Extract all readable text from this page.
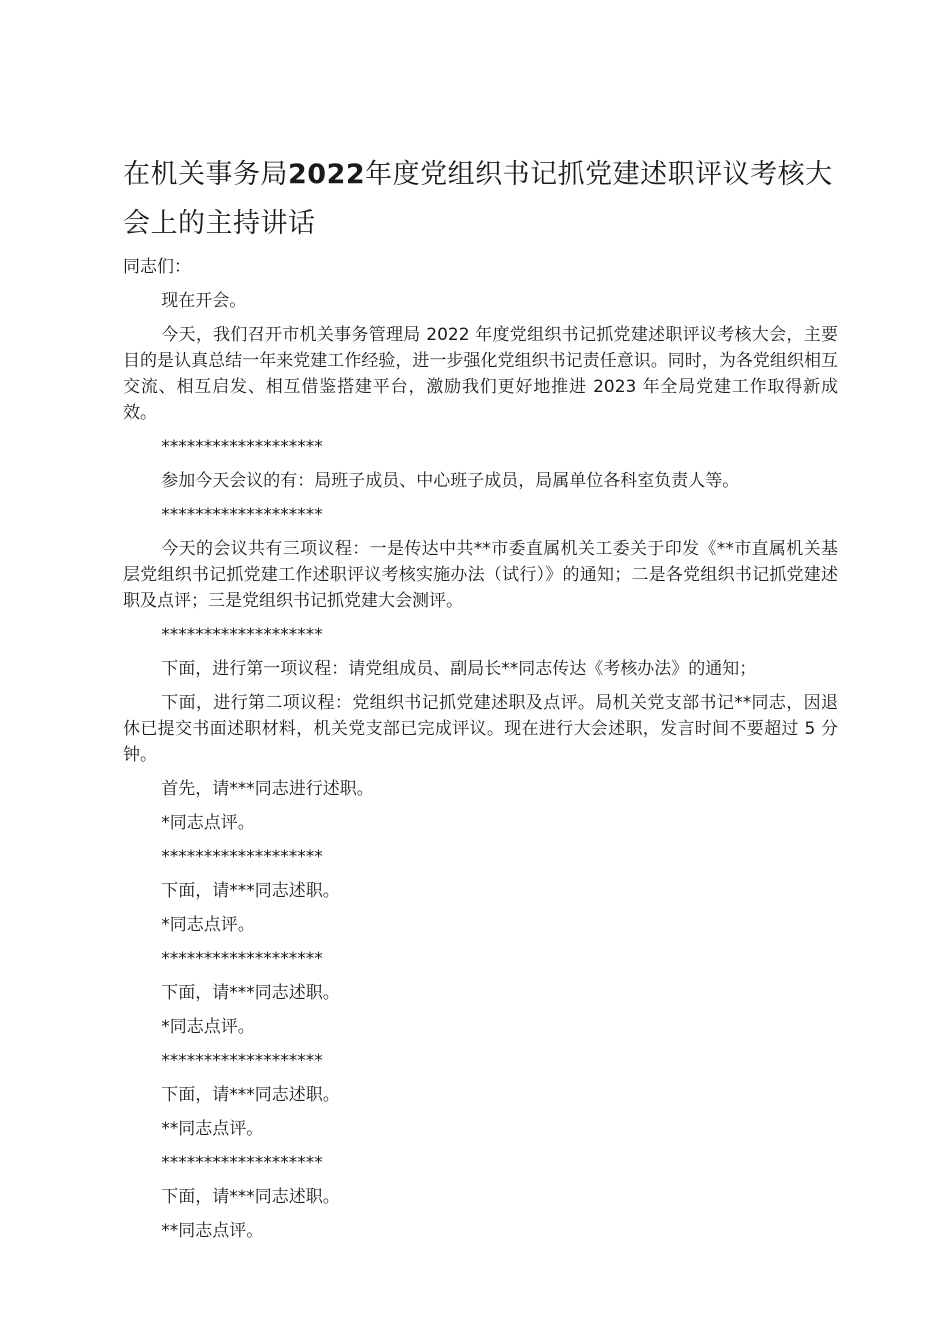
在机关事务局2022年度党组织书记抓党建述职评议考核大会上的主持讲话

同志们：

现在开会。

今天，我们召开市机关事务管理局 2022 年度党组织书记抓党建述职评议考核大会，主要目的是认真总结一年来党建工作经验，进一步强化党组织书记责任意识。同时，为各党组织相互交流、相互启发、相互借鉴搭建平台，激励我们更好地推进 2023 年全局党建工作取得新成效。

*******************

参加今天会议的有：局班子成员、中心班子成员，局属单位各科室负责人等。

*******************

今天的会议共有三项议程：一是传达中共**市委直属机关工委关于印发《**市直属机关基层党组织书记抓党建工作述职评议考核实施办法（试行）》的通知；二是各党组织书记抓党建述职及点评；三是党组织书记抓党建大会测评。

*******************

下面，进行第一项议程：请党组成员、副局长**同志传达《考核办法》的通知；

下面，进行第二项议程：党组织书记抓党建述职及点评。局机关党支部书记**同志，因退休已提交书面述职材料，机关党支部已完成评议。现在进行大会述职，发言时间不要超过 5 分钟。

首先，请***同志进行述职。

*同志点评。

*******************

下面，请***同志述职。

*同志点评。

*******************

下面，请***同志述职。

*同志点评。

*******************

下面，请***同志述职。

**同志点评。

*******************

下面，请***同志述职。

**同志点评。
